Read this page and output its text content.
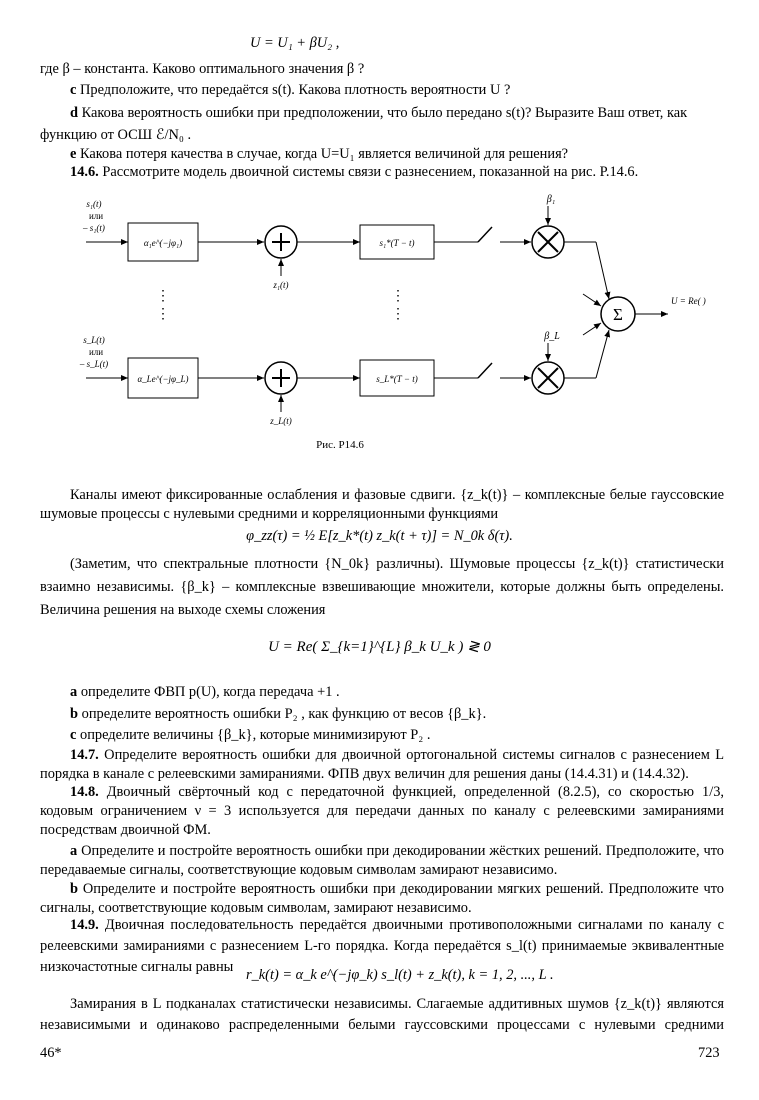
U = U₁ + βU₂ ,
где β – константа. Каково оптимального значения β ?
c Предположите, что передаётся s(t). Какова плотность вероятности U ?
d Какова вероятность ошибки при предположении, что было передано s(t)? Выразите Ваш ответ, как
функцию от ОСШ ℰ/N₀ .
e Какова потеря качества в случае, когда U=U₁ является величиной для решения?
14.6. Рассмотрите модель двоичной системы связи с разнесением, показанной на рис. Р.14.6.
s₁(t)
или
– s₁(t)
α₁e^(−jφ₁)
z₁(t)
s₁*(T − t)
β₁
⋮
⋮
⋮
⋮	Σ
U = Re( )
s_L(t)
или
– s_L(t)
α_Le^(−jφ_L)
z_L(t)
s_L*(T − t)
β_L
Рис. Р14.6
Каналы имеют фиксированные ослабления и фазовые сдвиги. {z_k(t)} – комплексные белые гауссовские
шумовые процессы с нулевыми средними и корреляционными функциями
φ_zz(τ) = ½ E[z_k*(t) z_k(t + τ)] = N_0k δ(τ).
(Заметим, что спектральные плотности {N_0k} различны). Шумовые процессы {z_k(t)} статистически
взаимно независимы. {β_k} – комплексные взвешивающие множители, которые должны быть определены.
Величина решения на выходе схемы сложения
U = Re( Σ_{k=1}^{L} β_k U_k ) ≷ 0
a определите ФВП p(U), когда передача +1 .
b определите вероятность ошибки P₂ , как функцию от весов {β_k}.
c определите величины {β_k}, которые минимизируют P₂ .
14.7. Определите вероятность ошибки для двоичной ортогональной системы сигналов с разнесением L
порядка в канале с релеевскими замираниями. ФПВ двух величин для решения даны (14.4.31) и (14.4.32).
14.8. Двоичный свёрточный код с передаточной функцией, определенной (8.2.5), со скоростью 1/3,
кодовым ограничением ν = 3 используется для передачи данных по каналу с релеевскими замираниями
посредствам двоичной ФМ.
a Определите и постройте вероятность ошибки при декодировании жёстких решений. Предположите, что
передаваемые сигналы, соответствующие кодовым символам замирают независимо.
b Определите и постройте вероятность ошибки при декодировании мягких решений. Предположите что
сигналы, соответствующие кодовым символам, замирают независимо.
14.9. Двоичная последовательность передаётся двоичными противоположными сигналами по каналу с
релеевскими замираниями с разнесением L-го порядка. Когда передаётся s_l(t) принимаемые эквивалентные
низкочастотные сигналы равны r_k(t) = α_k e^(−jφ_k) s_l(t) + z_k(t), k = 1, 2, ..., L .
Замирания в L подканалах статистически независимы. Слагаемые аддитивных шумов {z_k(t)} являются
независимыми и одинаково распределенными белыми гауссовскими процессами с нулевыми средними
46*	723
